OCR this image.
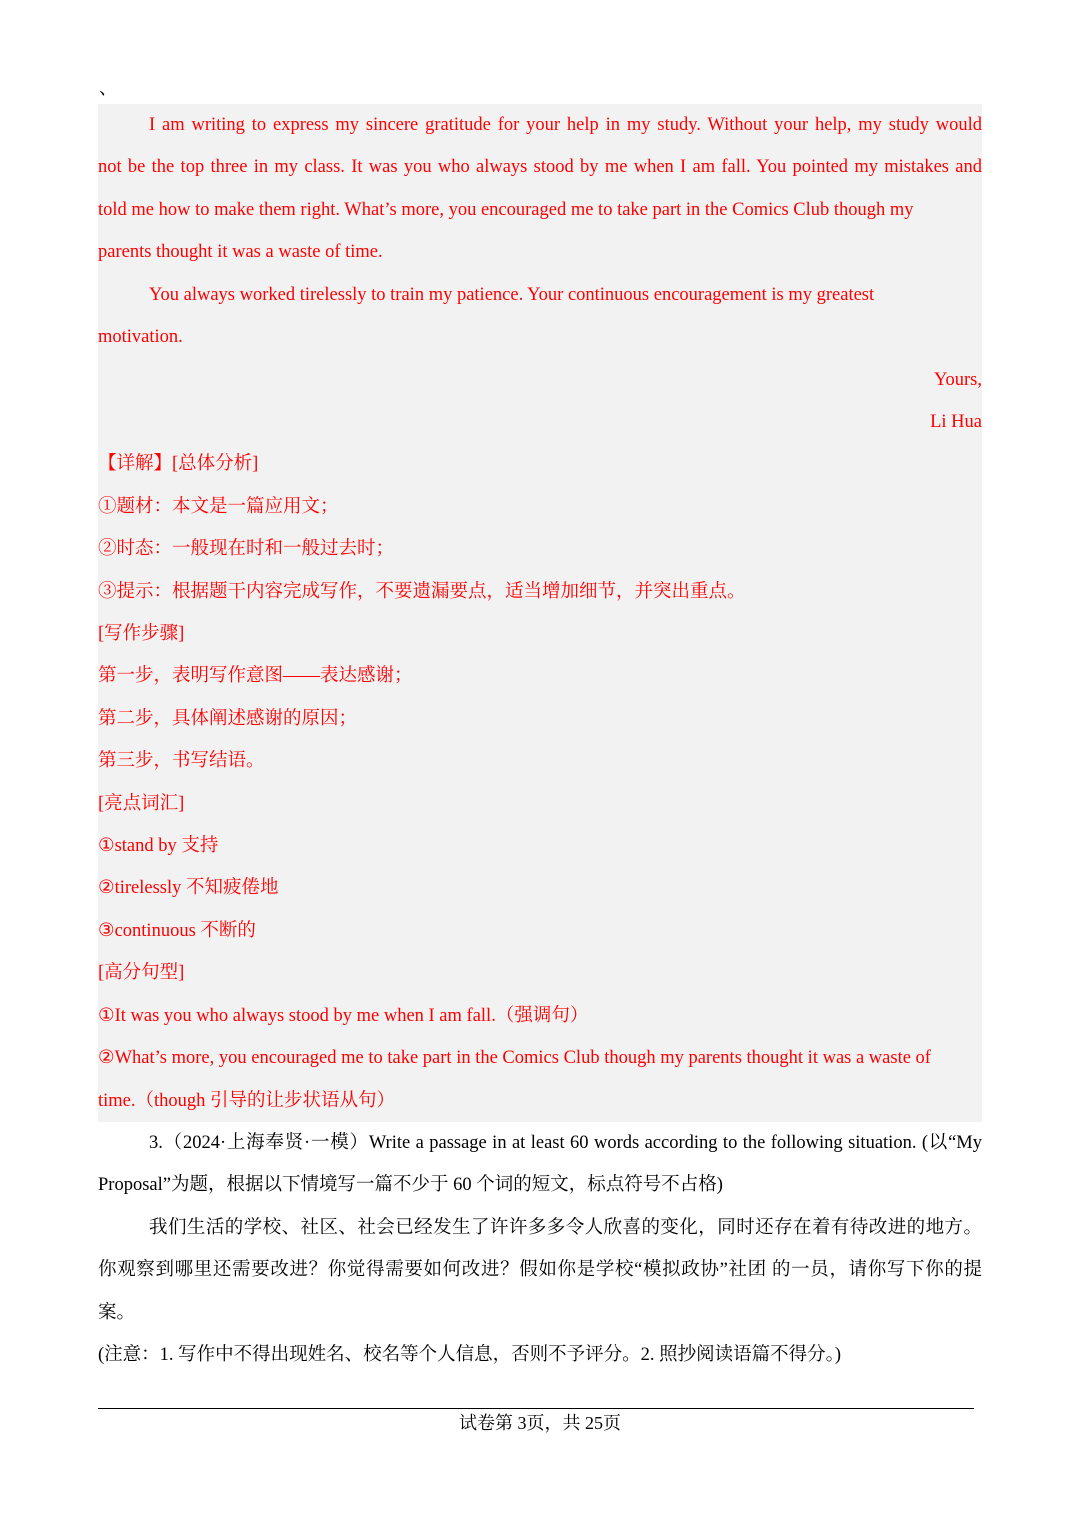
、
I am writing to express my sincere gratitude for your help in my study. Without your help, my study would
not be the top three in my class. It was you who always stood by me when I am fall. You pointed my mistakes and
told me how to make them right. What’s more, you encouraged me to take part in the Comics Club though my
parents thought it was a waste of time.
You always worked tirelessly to train my patience. Your continuous encouragement is my greatest
motivation.
Yours,
Li Hua
【详解】[总体分析]
①题材：本文是一篇应用文；
②时态：一般现在时和一般过去时；
③提示：根据题干内容完成写作，不要遗漏要点，适当增加细节，并突出重点。
[写作步骤]
第一步，表明写作意图——表达感谢；
第二步，具体阐述感谢的原因；
第三步，书写结语。
[亮点词汇]
①stand by 支持
②tirelessly 不知疲倦地
③continuous 不断的
[高分句型]
①It was you who always stood by me when I am fall.（强调句）
②What’s more, you encouraged me to take part in the Comics Club though my parents thought it was a waste of
time.（though 引导的让步状语从句）
3.（2024·上海奉贤·一模）Write a passage in at least 60 words according to the following situation. (以“My
Proposal”为题，根据以下情境写一篇不少于 60 个词的短文，标点符号不占格)
我们生活的学校、社区、社会已经发生了许许多多令人欣喜的变化，同时还存在着有待改进的地方。
你观察到哪里还需要改进？你觉得需要如何改进？假如你是学校“模拟政协”社团 的一员，请你写下你的提
案。
(注意：1. 写作中不得出现姓名、校名等个人信息，否则不予评分。2. 照抄阅读语篇不得分。)
试卷第 3页，共 25页
